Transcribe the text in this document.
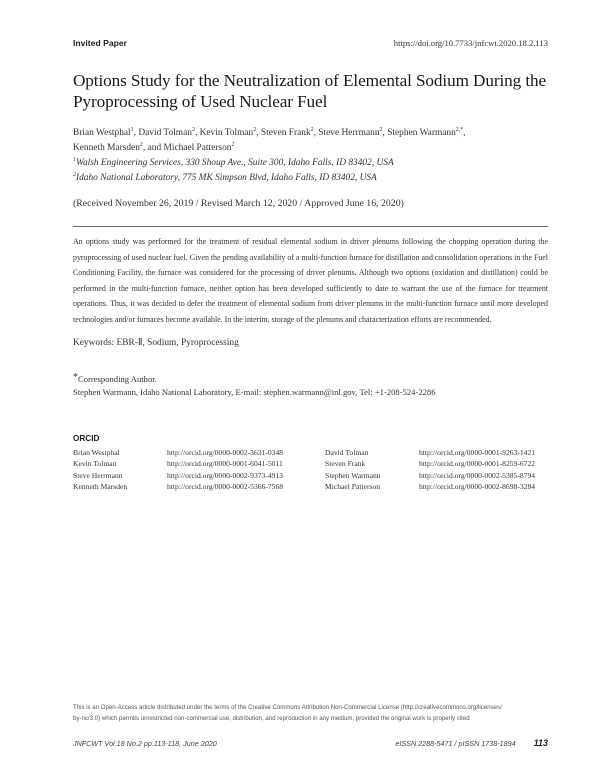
Invited Paper	https://doi.org/10.7733/jnfcwt.2020.18.2.113
Options Study for the Neutralization of Elemental Sodium During the
Pyroprocessing of Used Nuclear Fuel
Brian Westphal$^1$, David Tolman$^2$, Kevin Tolman$^2$, Steven Frank$^2$, Steve Herrmann$^2$, Stephen Warmann$^{2,*}$,
Kenneth Marsden$^2$, and Michael Patterson$^2$
$^1$Walsh Engineering Services, 330 Shoup Ave., Suite 300, Idaho Falls, ID 83402, USA
$^2$Idaho National Laboratory, 775 MK Simpson Blvd, Idaho Falls, ID 83402, USA
(Received November 26, 2019 / Revised March 12, 2020 / Approved June 16, 2020)
An options study was performed for the treatment of residual elemental sodium in driver plenums following the chopping operation during the pyroprocessing of used nuclear fuel. Given the pending availability of a multi-function furnace for distillation and consolidation operations in the Fuel Conditioning Facility, the furnace was considered for the processing of driver plenums. Although two options (oxidation and distillation) could be performed in the multi-function furnace, neither option has been developed sufficiently to date to warrant the use of the furnace for treatment operations. Thus, it was decided to defer the treatment of elemental sodium from driver plenums in the multi-function furnace until more developed technologies and/or furnaces become available. In the interim, storage of the plenums and characterization efforts are recommended.
Keywords: EBR-Ⅱ, Sodium, Pyroprocessing
*Corresponding Author.
Stephen Warmann, Idaho National Laboratory, E-mail: stephen.warmann@inl.gov, Tel: +1-208-524-2286
ORCID
Brian Westphal	http://orcid.org/0000-0002-3631-0348	David Tolman	http://orcid.org/0000-0001-9263-1421
Kevin Tolman	http://orcid.org/0000-0001-6041-5011	Steven Frank	http://orcid.org/0000-0001-8259-6722
Steve Herrmann	http://orcid.org/0000-0002-9373-4913	Stephen Warmann	http://orcid.org/0000-0002-5385-8794
Kenneth Marsden	http://orcid.org/0000-0002-5366-7568	Michael Patterson	http://orcid.org/0000-0002-8698-3284
This is an Open-Access article distributed under the terms of the Creative Commons Attribution Non-Commercial License (http://creativecommons.org/licenses/
by-nc/3.0) which permits unrestricted non-commercial use, distribution, and reproduction in any medium, provided the original work is properly cited
JNFCWT Vol.18 No.2 pp.113-118, June 2020	eISSN 2288-5471 / pISSN 1738-1894 113
